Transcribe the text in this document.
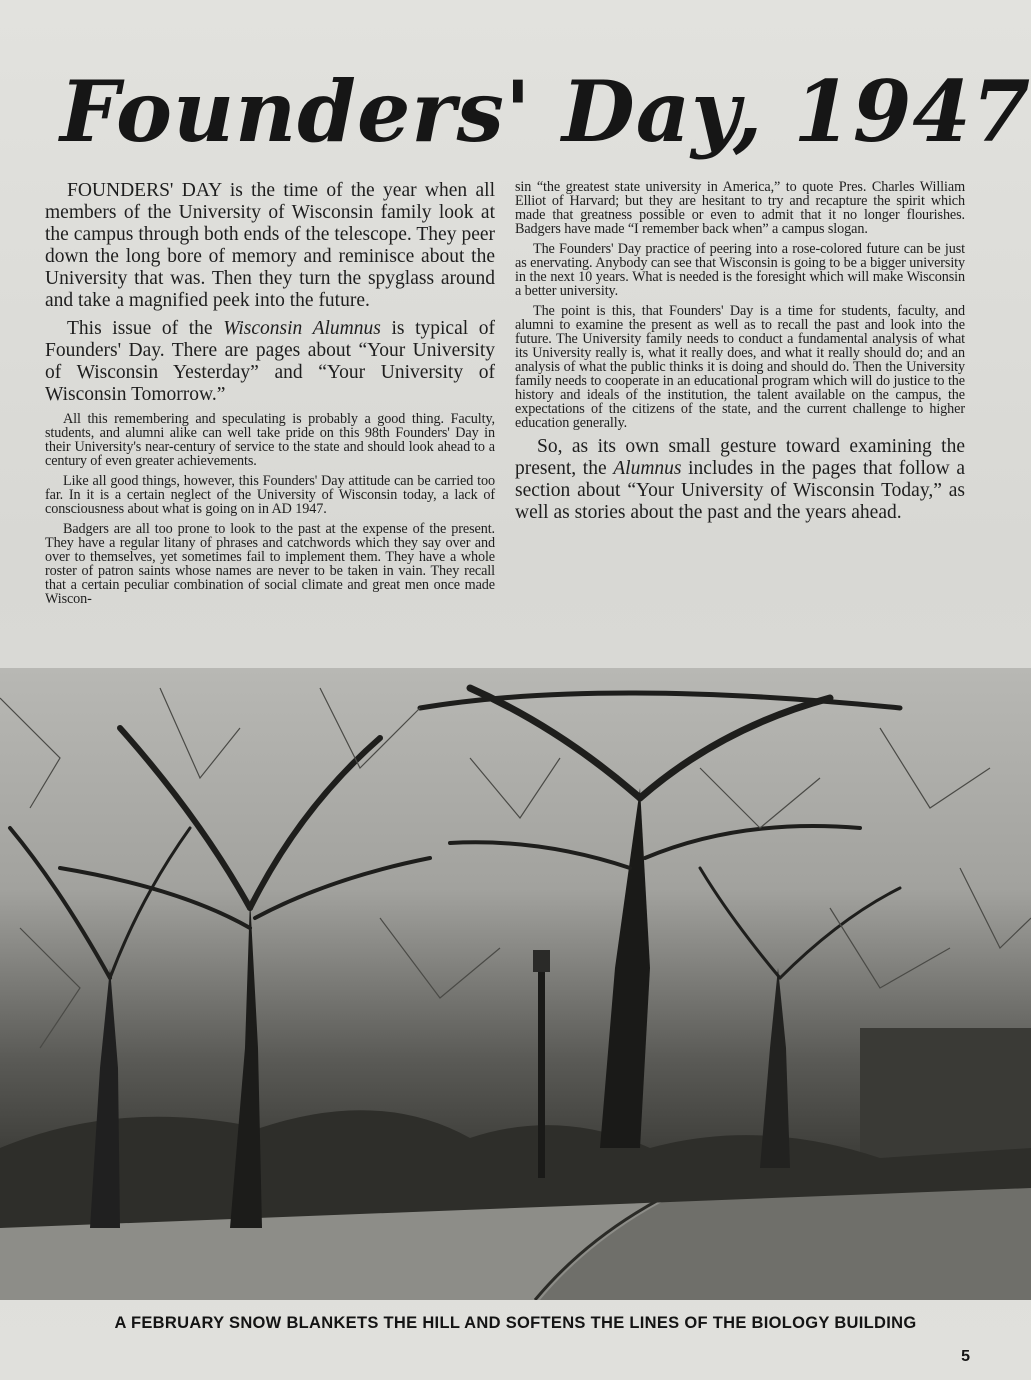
Founders' Day, 1947

FOUNDERS' DAY is the time of the year when all members of the University of Wisconsin family look at the campus through both ends of the telescope. They peer down the long bore of memory and reminisce about the University that was. Then they turn the spyglass around and take a magnified peek into the future.

This issue of the Wisconsin Alumnus is typical of Founders' Day. There are pages about “Your University of Wisconsin Yesterday” and “Your University of Wisconsin Tomorrow.”

All this remembering and speculating is probably a good thing. Faculty, students, and alumni alike can well take pride on this 98th Founders' Day in their University's near-century of service to the state and should look ahead to a century of even greater achievements.

Like all good things, however, this Founders' Day attitude can be carried too far. In it is a certain neglect of the University of Wisconsin today, a lack of consciousness about what is going on in AD 1947.

Badgers are all too prone to look to the past at the expense of the present. They have a regular litany of phrases and catchwords which they say over and over to themselves, yet sometimes fail to implement them. They have a whole roster of patron saints whose names are never to be taken in vain. They recall that a certain peculiar combination of social climate and great men once made Wiscon-

sin “the greatest state university in America,” to quote Pres. Charles William Elliot of Harvard; but they are hesitant to try and recapture the spirit which made that greatness possible or even to admit that it no longer flourishes. Badgers have made “I remember back when” a campus slogan.

The Founders' Day practice of peering into a rose-colored future can be just as enervating. Anybody can see that Wisconsin is going to be a bigger university in the next 10 years. What is needed is the foresight which will make Wisconsin a better university.

The point is this, that Founders' Day is a time for students, faculty, and alumni to examine the present as well as to recall the past and look into the future. The University family needs to conduct a fundamental analysis of what its University really is, what it really does, and what it really should do; and an analysis of what the public thinks it is doing and should do. Then the University family needs to cooperate in an educational program which will do justice to the history and ideals of the institution, the talent available on the campus, the expectations of the citizens of the state, and the current challenge to higher education generally.

So, as its own small gesture toward examining the present, the Alumnus includes in the pages that follow a section about “Your University of Wisconsin Today,” as well as stories about the past and the years ahead.

A FEBRUARY SNOW BLANKETS THE HILL AND SOFTENS THE LINES OF THE BIOLOGY BUILDING
5
